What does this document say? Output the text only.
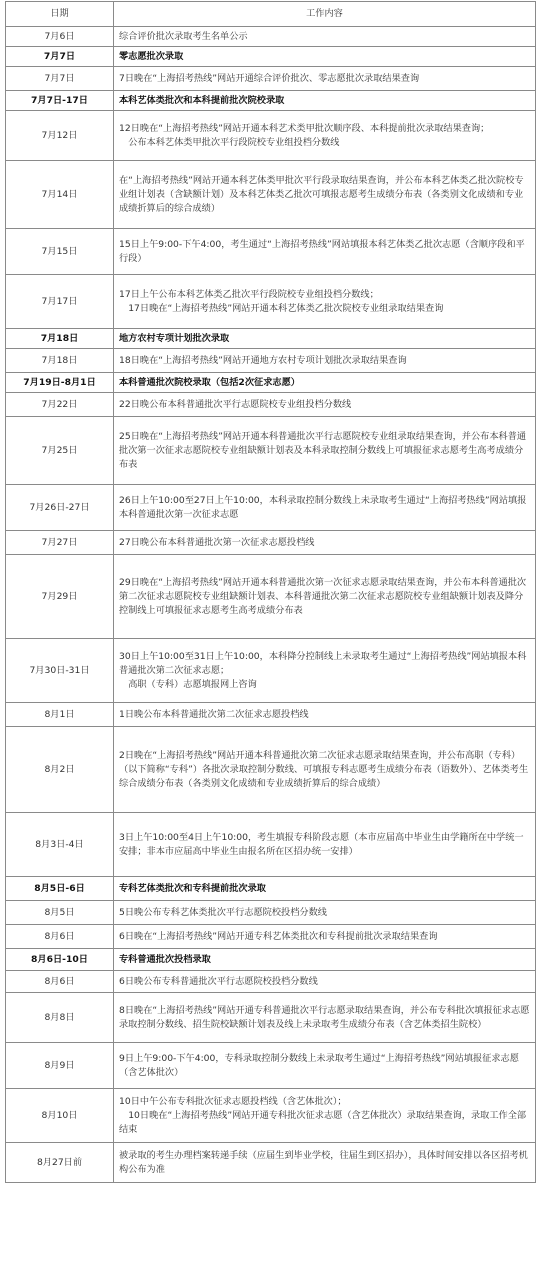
日期	工作内容
7月6日	综合评价批次录取考生名单公示

7月7日	零志愿批次录取

7月7日	7日晚在“上海招考热线”网站开通综合评价批次、零志愿批次录取结果查询

7月7日-17日	本科艺体类批次和本科提前批次院校录取

7月12日	12日晚在“上海招考热线”网站开通本科艺术类甲批次顺序段、本科提前批次录取结果查询；
公布本科艺体类甲批次平行段院校专业组投档分数线

7月14日	在“上海招考热线”网站开通本科艺体类甲批次平行段录取结果查询，并公布本科艺体类乙批次院校专业组计划表（含缺额计划）及本科艺体类乙批次可填报志愿考生成绩分布表（各类别文化成绩和专业成绩折算后的综合成绩）

7月15日	15日上午9:00-下午4:00，考生通过“上海招考热线”网站填报本科艺体类乙批次志愿（含顺序段和平行段）

7月17日	17日上午公布本科艺体类乙批次平行段院校专业组投档分数线；
17日晚在“上海招考热线”网站开通本科艺体类乙批次院校专业组录取结果查询

7月18日	地方农村专项计划批次录取

7月18日	18日晚在“上海招考热线”网站开通地方农村专项计划批次录取结果查询

7月19日-8月1日	本科普通批次院校录取（包括2次征求志愿）

7月22日	22日晚公布本科普通批次平行志愿院校专业组投档分数线

7月25日	25日晚在“上海招考热线”网站开通本科普通批次平行志愿院校专业组录取结果查询，并公布本科普通批次第一次征求志愿院校专业组缺额计划表及本科录取控制分数线上可填报征求志愿考生高考成绩分布表

7月26日-27日	26日上午10:00至27日上午10:00，本科录取控制分数线上未录取考生通过“上海招考热线”网站填报本科普通批次第一次征求志愿

7月27日	27日晚公布本科普通批次第一次征求志愿投档线

7月29日	29日晚在“上海招考热线”网站开通本科普通批次第一次征求志愿录取结果查询，并公布本科普通批次第二次征求志愿院校专业组缺额计划表、本科普通批次第二次征求志愿院校专业组缺额计划表及降分控制线上可填报征求志愿考生高考成绩分布表

7月30日-31日	30日上午10:00至31日上午10:00，本科降分控制线上未录取考生通过“上海招考热线”网站填报本科普通批次第二次征求志愿；
高职（专科）志愿填报网上咨询

8月1日	1日晚公布本科普通批次第二次征求志愿投档线

8月2日	2日晚在“上海招考热线”网站开通本科普通批次第二次征求志愿录取结果查询，并公布高职（专科）（以下简称“专科”）各批次录取控制分数线、可填报专科志愿考生成绩分布表（语数外）、艺体类考生综合成绩分布表（各类别文化成绩和专业成绩折算后的综合成绩）

8月3日-4日	3日上午10:00至4日上午10:00，考生填报专科阶段志愿（本市应届高中毕业生由学籍所在中学统一安排；非本市应届高中毕业生由报名所在区招办统一安排）

8月5日-6日	专科艺体类批次和专科提前批次录取

8月5日	5日晚公布专科艺体类批次平行志愿院校投档分数线

8月6日	6日晚在“上海招考热线”网站开通专科艺体类批次和专科提前批次录取结果查询

8月6日-10日	专科普通批次投档录取

8月6日	6日晚公布专科普通批次平行志愿院校投档分数线

8月8日	8日晚在“上海招考热线”网站开通专科普通批次平行志愿录取结果查询，并公布专科批次填报征求志愿录取控制分数线、招生院校缺额计划表及线上未录取考生成绩分布表（含艺体类招生院校）

8月9日	9日上午9:00-下午4:00，专科录取控制分数线上未录取考生通过“上海招考热线”网站填报征求志愿（含艺体批次）

8月10日	10日中午公布专科批次征求志愿投档线（含艺体批次）；
10日晚在“上海招考热线”网站开通专科批次征求志愿（含艺体批次）录取结果查询，录取工作全部结束

8月27日前	被录取的考生办理档案转递手续（应届生到毕业学校，往届生到区招办），具体时间安排以各区招考机构公布为准
